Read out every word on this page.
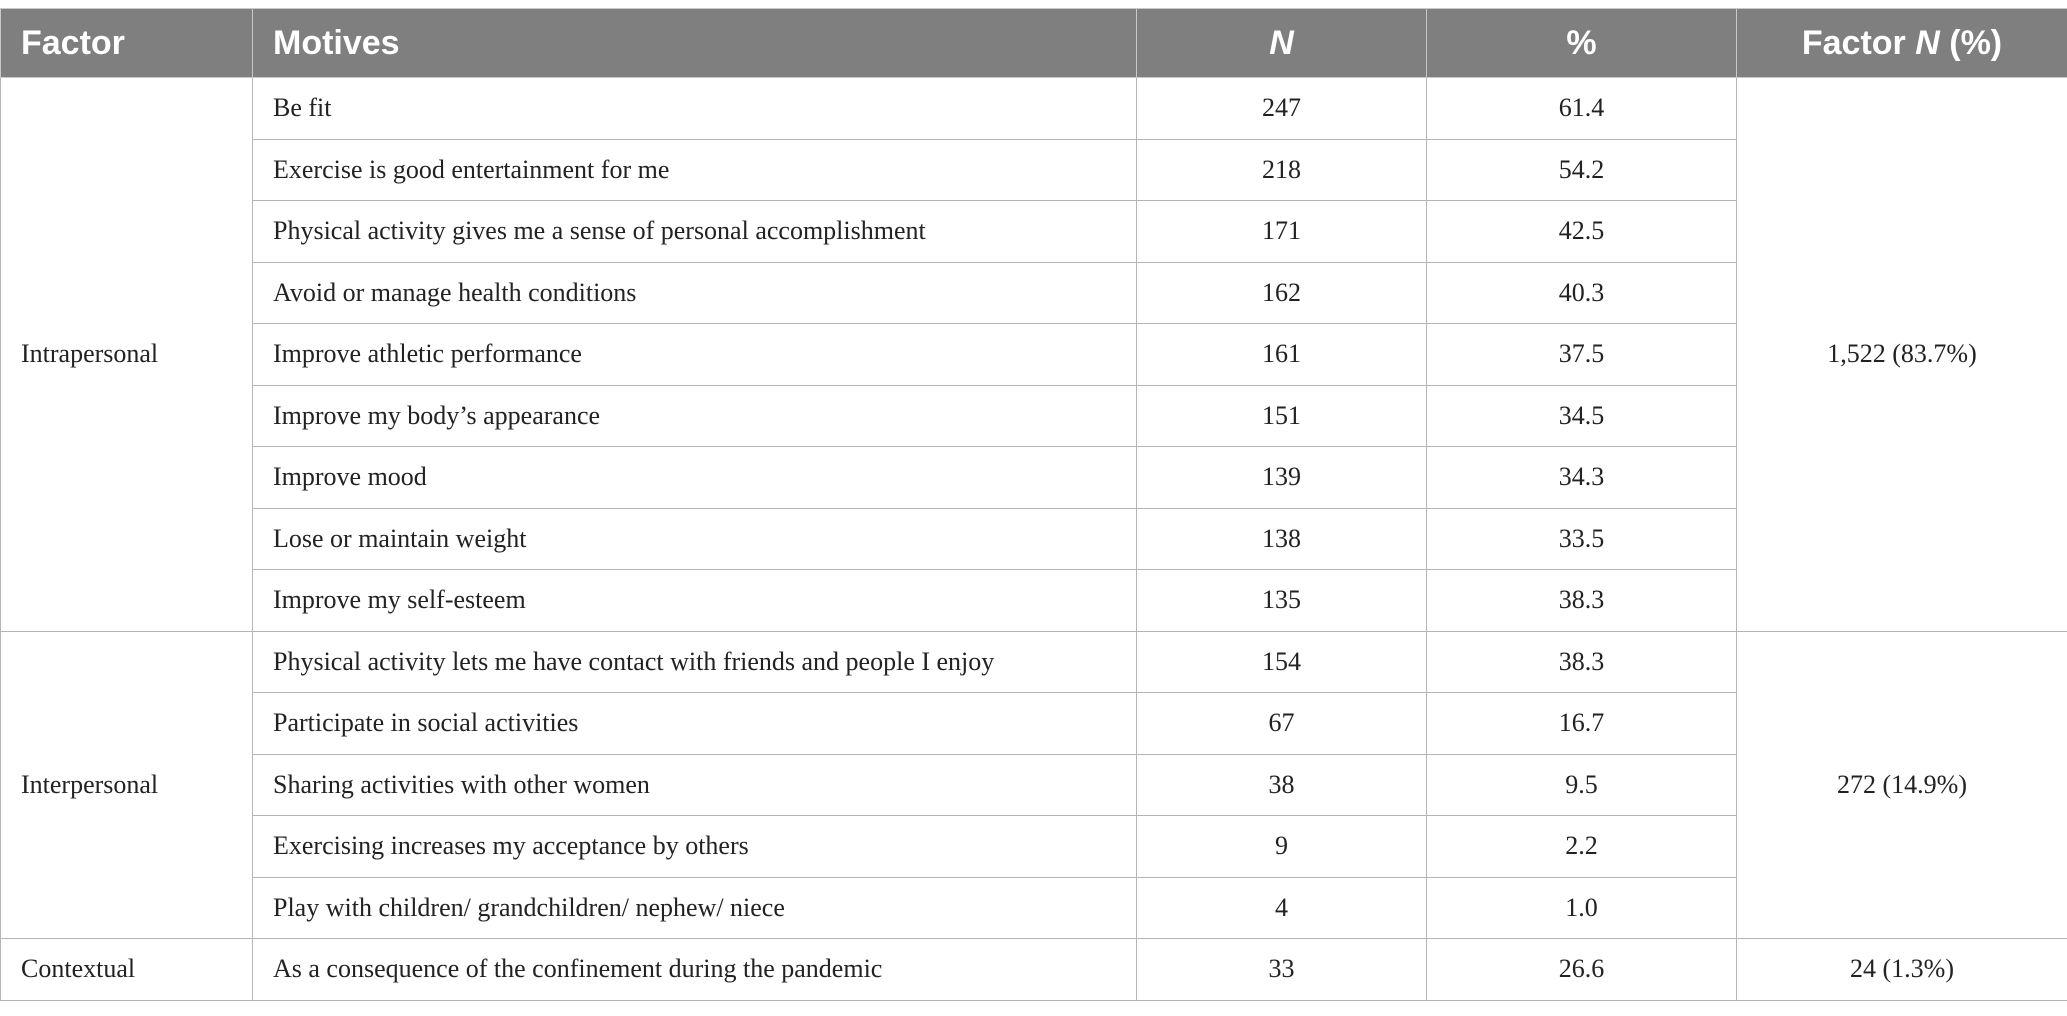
Factor	Motives	N	%	Factor N (%)
Intrapersonal	Be fit	247	61.4	1,522 (83.7%)
	Exercise is good entertainment for me	218	54.2	
	Physical activity gives me a sense of personal accomplishment	171	42.5	
	Avoid or manage health conditions	162	40.3	
	Improve athletic performance	161	37.5	
	Improve my body’s appearance	151	34.5	
	Improve mood	139	34.3	
	Lose or maintain weight	138	33.5	
	Improve my self-esteem	135	38.3	
Interpersonal	Physical activity lets me have contact with friends and people I enjoy	154	38.3	272 (14.9%)
	Participate in social activities	67	16.7	
	Sharing activities with other women	38	9.5	
	Exercising increases my acceptance by others	9	2.2	
	Play with children/ grandchildren/ nephew/ niece	4	1.0	
Contextual	As a consequence of the confinement during the pandemic	33	26.6	24 (1.3%)
